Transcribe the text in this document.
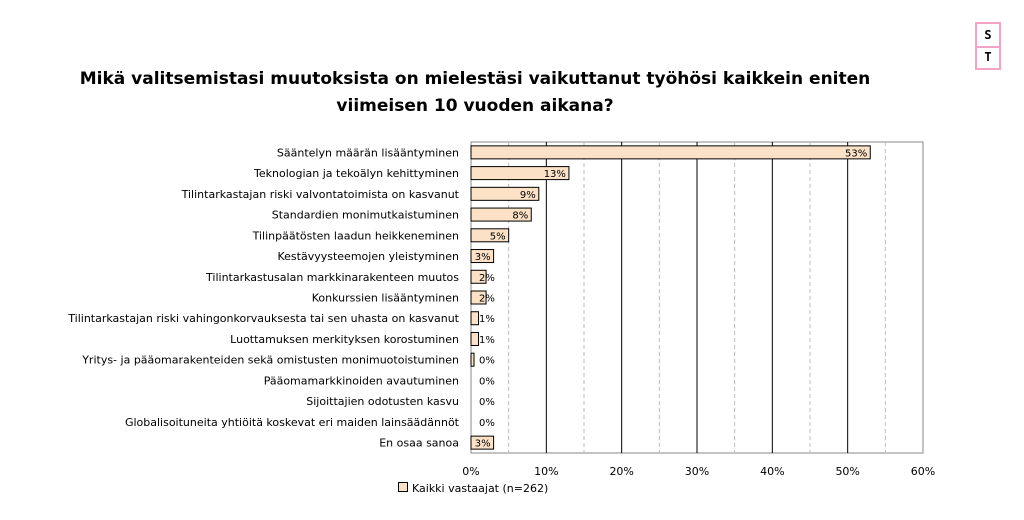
Mikä valitsemistasi muutoksista on mielestäsi vaikuttanut työhösi kaikkein eniten viimeisen 10 vuoden aikana?
S
T
0%	10%	20%	30%	40%	50%	60%
Sääntelyn määrän lisääntyminen	53%
Teknologian ja tekoälyn kehittyminen	13%
Tilintarkastajan riski valvontatoimista on kasvanut	9%
Standardien monimutkaistuminen	8%
Tilinpäätösten laadun heikkeneminen	5%
Kestävyysteemojen yleistyminen 3%
Tilintarkastusalan markkinarakenteen muutos 2%
Konkurssien lisääntyminen 2%
Tilintarkastajan riski vahingonkorvauksesta tai sen uhasta on kasvanut 1%
Luottamuksen merkityksen korostuminen 1%
Yritys- ja pääomarakenteiden sekä omistusten monimuotoistuminen 0%
Pääomamarkkinoiden avautuminen 0%
Sijoittajien odotusten kasvu 0%
Globalisoituneita yhtiöitä koskevat eri maiden lainsäädännöt 0%
En osaa sanoa 3%
Kaikki vastaajat (n=262)
